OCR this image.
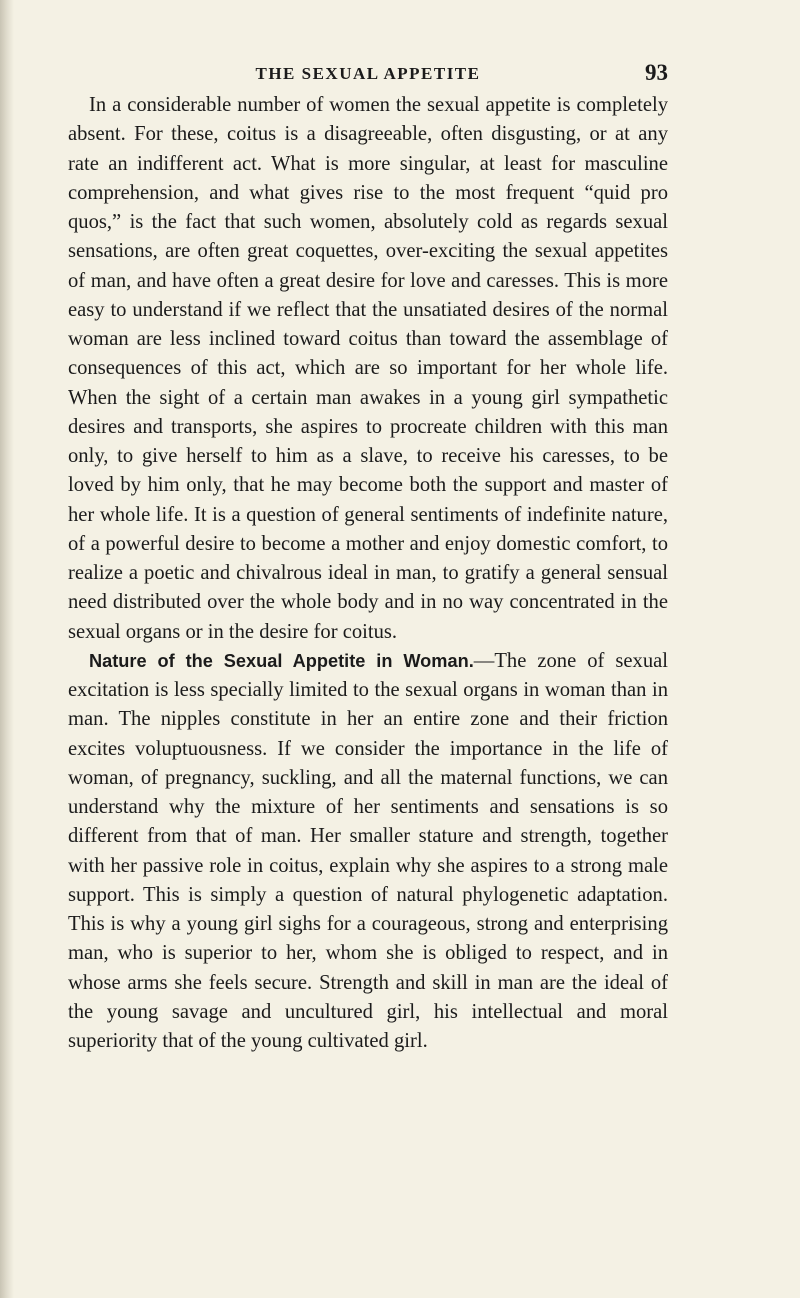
THE SEXUAL APPETITE	93

In a considerable number of women the sexual appetite is completely absent. For these, coitus is a disagreeable, often disgusting, or at any rate an indifferent act. What is more singular, at least for masculine comprehension, and what gives rise to the most frequent “quid pro quos,” is the fact that such women, absolutely cold as regards sexual sensations, are often great coquettes, over-exciting the sexual appetites of man, and have often a great desire for love and caresses. This is more easy to understand if we reflect that the unsatiated desires of the normal woman are less inclined toward coitus than toward the assemblage of consequences of this act, which are so important for her whole life. When the sight of a certain man awakes in a young girl sympathetic desires and transports, she aspires to procreate children with this man only, to give herself to him as a slave, to receive his caresses, to be loved by him only, that he may become both the support and master of her whole life. It is a question of general sentiments of indefinite nature, of a powerful desire to become a mother and enjoy domestic comfort, to realize a poetic and chivalrous ideal in man, to gratify a general sensual need distributed over the whole body and in no way concentrated in the sexual organs or in the desire for coitus.

Nature of the Sexual Appetite in Woman.—The zone of sexual excitation is less specially limited to the sexual organs in woman than in man. The nipples constitute in her an entire zone and their friction excites voluptuousness. If we consider the importance in the life of woman, of pregnancy, suckling, and all the maternal functions, we can understand why the mixture of her sentiments and sensations is so different from that of man. Her smaller stature and strength, together with her passive role in coitus, explain why she aspires to a strong male support. This is simply a question of natural phylogenetic adaptation. This is why a young girl sighs for a courageous, strong and enterprising man, who is superior to her, whom she is obliged to respect, and in whose arms she feels secure. Strength and skill in man are the ideal of the young savage and uncultured girl, his intellectual and moral superiority that of the young cultivated girl.
